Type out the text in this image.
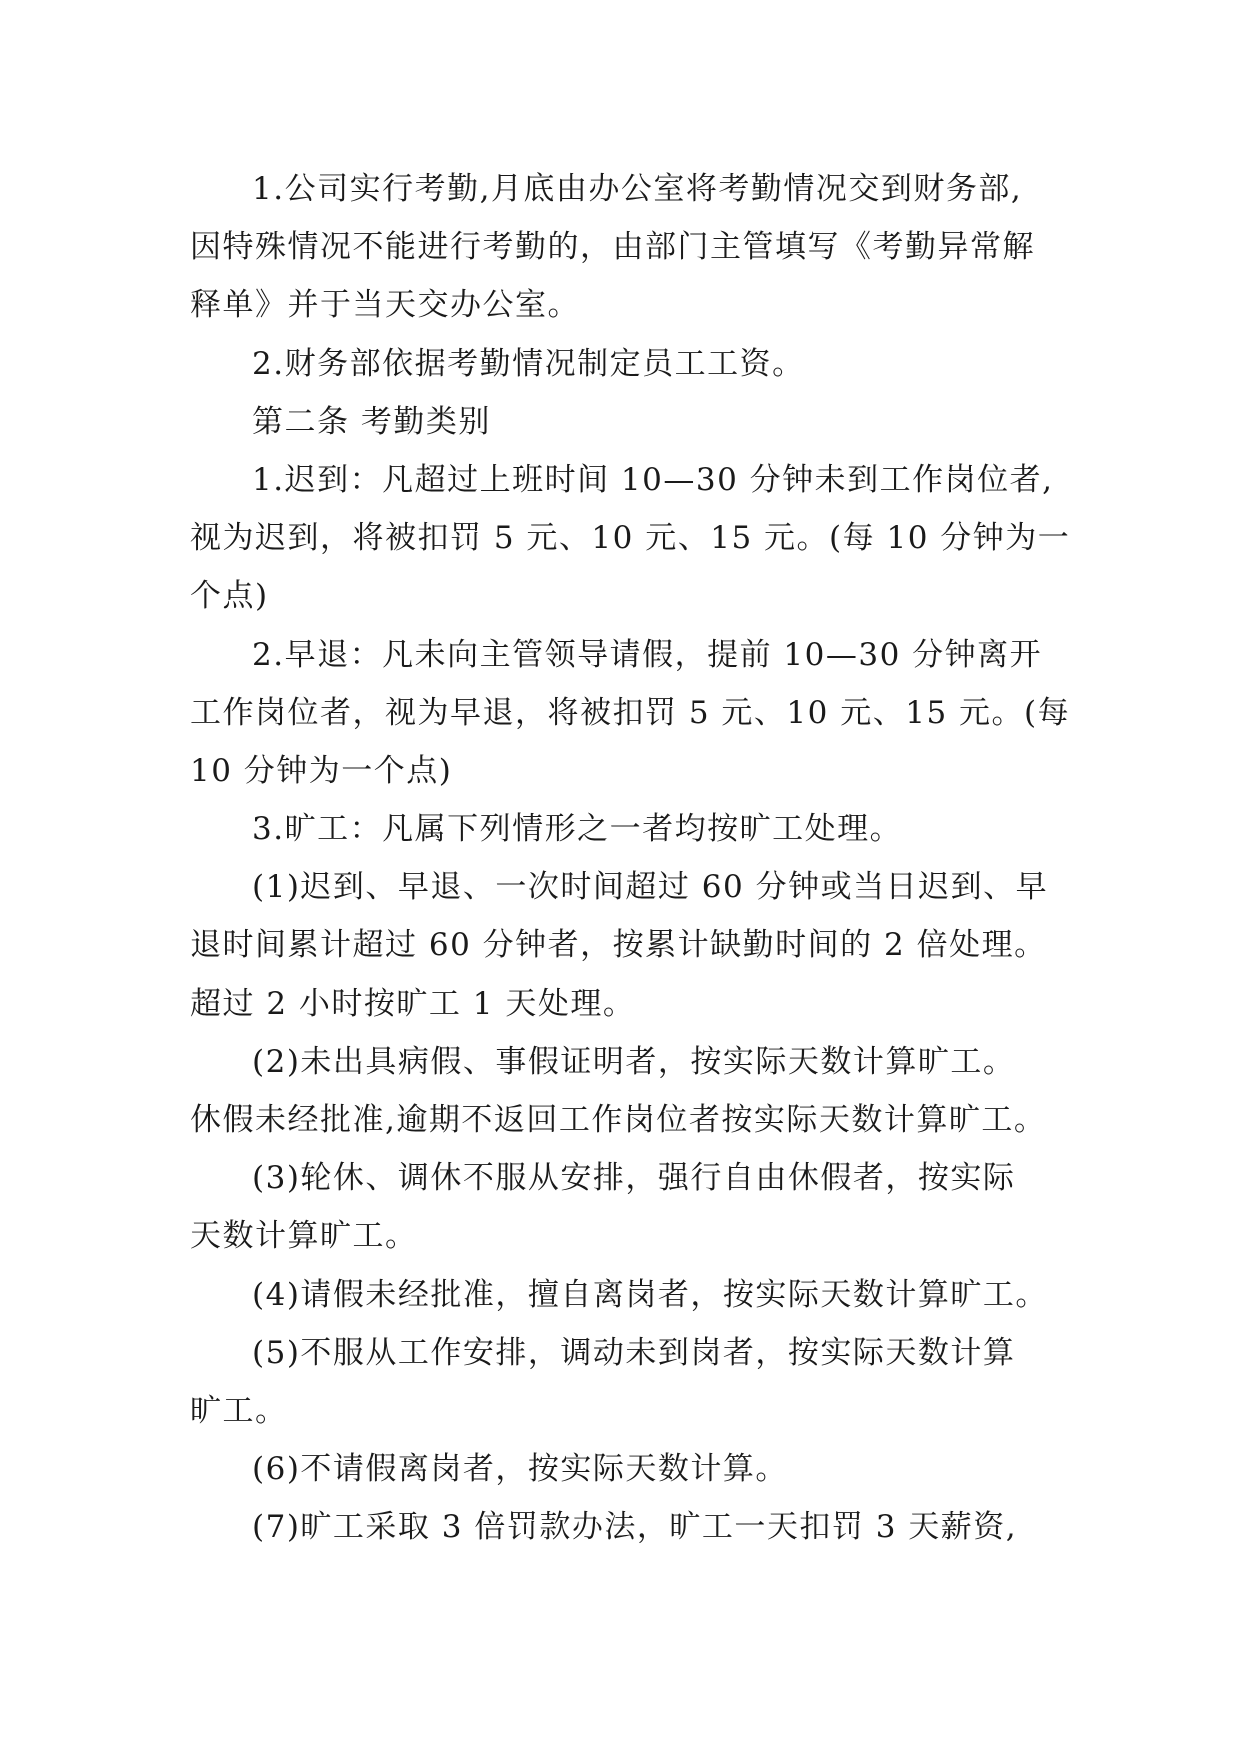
1.公司实行考勤,月底由办公室将考勤情况交到财务部,
因特殊情况不能进行考勤的，由部门主管填写《考勤异常解
释单》并于当天交办公室。
2.财务部依据考勤情况制定员工工资。
第二条 考勤类别
1.迟到：凡超过上班时间 10—30 分钟未到工作岗位者,
视为迟到，将被扣罚 5 元、10 元、15 元。(每 10 分钟为一
个点)
2.早退：凡未向主管领导请假，提前 10—30 分钟离开
工作岗位者，视为早退，将被扣罚 5 元、10 元、15 元。(每
10 分钟为一个点)
3.旷工：凡属下列情形之一者均按旷工处理。
(1)迟到、早退、一次时间超过 60 分钟或当日迟到、早
退时间累计超过 60 分钟者，按累计缺勤时间的 2 倍处理。
超过 2 小时按旷工 1 天处理。
(2)未出具病假、事假证明者，按实际天数计算旷工。
休假未经批准,逾期不返回工作岗位者按实际天数计算旷工。
(3)轮休、调休不服从安排，强行自由休假者，按实际
天数计算旷工。
(4)请假未经批准，擅自离岗者，按实际天数计算旷工。
(5)不服从工作安排，调动未到岗者，按实际天数计算
旷工。
(6)不请假离岗者，按实际天数计算。
(7)旷工采取 3 倍罚款办法，旷工一天扣罚 3 天薪资,
